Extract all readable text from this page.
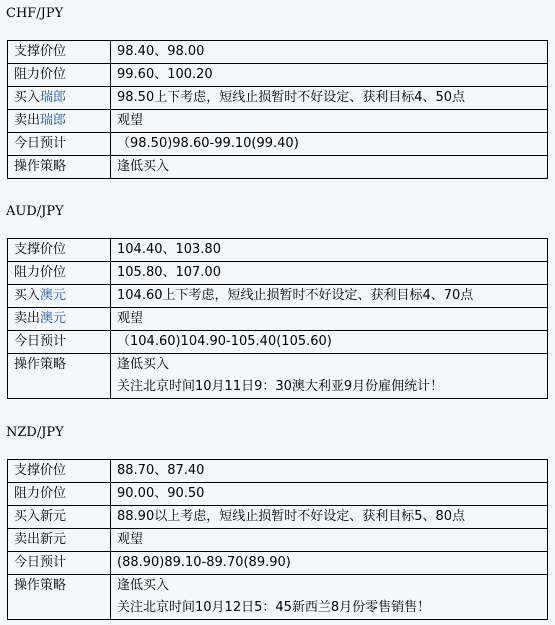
CHF/JPY
支撑价位	98.40、98.00
阻力价位	99.60、100.20
买入瑞郎	98.50上下考虑，短线止损暂时不好设定、获利目标4、50点
卖出瑞郎	观望
今日预计	（98.50)98.60-99.10(99.40)
操作策略	逢低买入
AUD/JPY
支撑价位	104.40、103.80
阻力价位	105.80、107.00
买入澳元	104.60上下考虑，短线止损暂时不好设定、获利目标4、70点
卖出澳元	观望
今日预计	（104.60)104.90-105.40(105.60)
操作策略	逢低买入
关注北京时间10月11日9：30澳大利亚9月份雇佣统计！
NZD/JPY
支撑价位	88.70、87.40
阻力价位	90.00、90.50
买入新元	88.90以上考虑，短线止损暂时不好设定、获利目标5、80点
卖出新元	观望
今日预计	(88.90)89.10-89.70(89.90)
操作策略	逢低买入
关注北京时间10月12日5：45新西兰8月份零售销售！
